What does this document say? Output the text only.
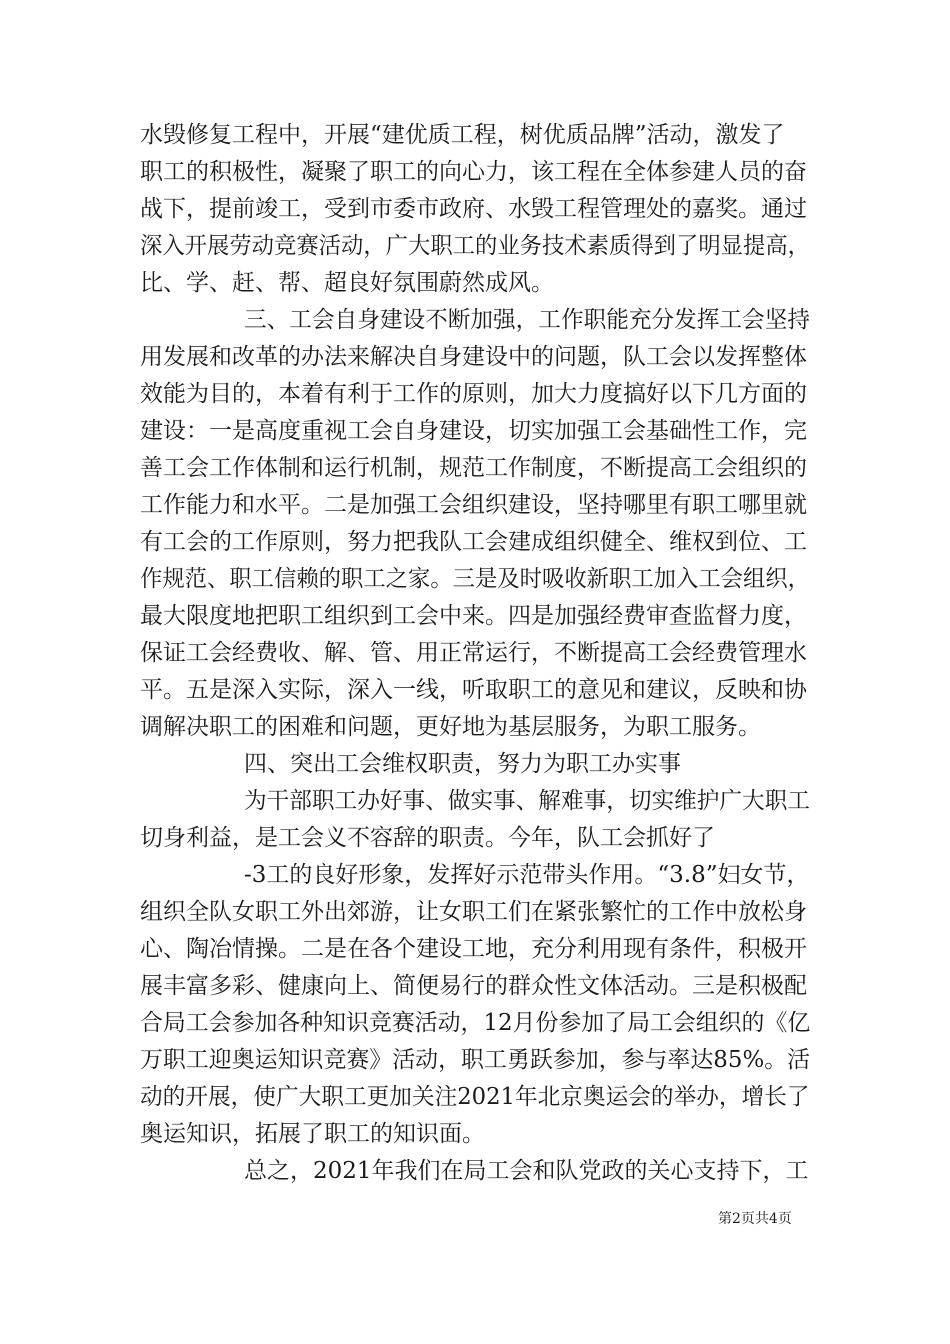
水毁修复工程中，开展“建优质工程，树优质品牌”活动，激发了
职工的积极性，凝聚了职工的向心力，该工程在全体参建人员的奋
战下，提前竣工，受到市委市政府、水毁工程管理处的嘉奖。通过
深入开展劳动竞赛活动，广大职工的业务技术素质得到了明显提高，
比、学、赶、帮、超良好氛围蔚然成风。
三、工会自身建设不断加强，工作职能充分发挥工会坚持
用发展和改革的办法来解决自身建设中的问题，队工会以发挥整体
效能为目的，本着有利于工作的原则，加大力度搞好以下几方面的
建设：一是高度重视工会自身建设，切实加强工会基础性工作，完
善工会工作体制和运行机制，规范工作制度，不断提高工会组织的
工作能力和水平。二是加强工会组织建设，坚持哪里有职工哪里就
有工会的工作原则，努力把我队工会建成组织健全、维权到位、工
作规范、职工信赖的职工之家。三是及时吸收新职工加入工会组织，
最大限度地把职工组织到工会中来。四是加强经费审查监督力度，
保证工会经费收、解、管、用正常运行，不断提高工会经费管理水
平。五是深入实际，深入一线，听取职工的意见和建议，反映和协
调解决职工的困难和问题，更好地为基层服务，为职工服务。
四、突出工会维权职责，努力为职工办实事
为干部职工办好事、做实事、解难事，切实维护广大职工
切身利益，是工会义不容辞的职责。今年，队工会抓好了
-3工的良好形象，发挥好示范带头作用。“3.8”妇女节，
组织全队女职工外出郊游，让女职工们在紧张繁忙的工作中放松身
心、陶冶情操。二是在各个建设工地，充分利用现有条件，积极开
展丰富多彩、健康向上、简便易行的群众性文体活动。三是积极配
合局工会参加各种知识竞赛活动，12月份参加了局工会组织的《亿
万职工迎奥运知识竞赛》活动，职工勇跃参加，参与率达85%。活
动的开展，使广大职工更加关注2021年北京奥运会的举办，增长了
奥运知识，拓展了职工的知识面。
总之，2021年我们在局工会和队党政的关心支持下，工
第2页共4页
